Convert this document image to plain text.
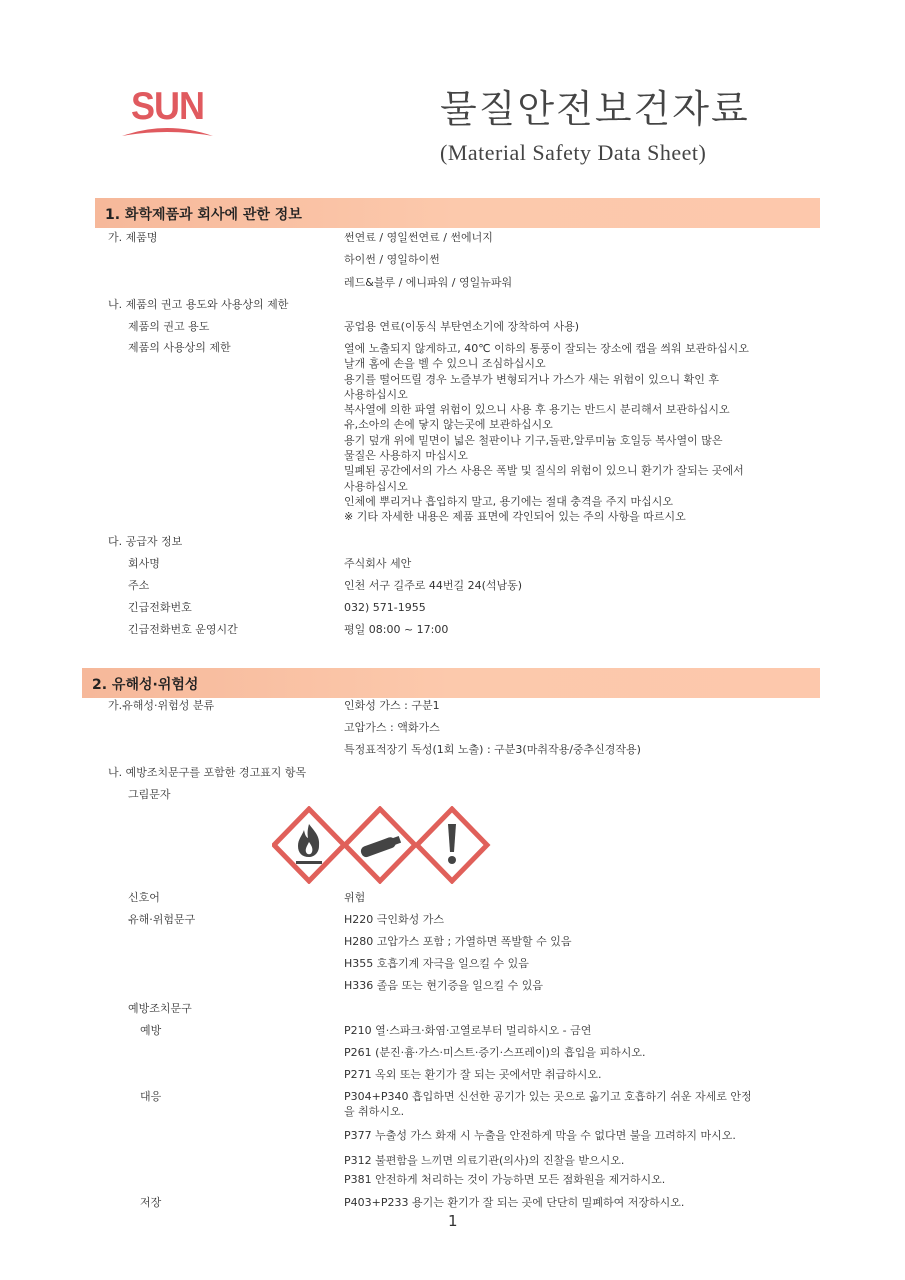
SUN	물질안전보건자료
(Material Safety Data Sheet)
1. 화학제품과 회사에 관한 정보
가. 제품명	썬연료 / 영일썬연료 / 썬에너지
하이썬 / 영일하이썬
레드&블루 / 에니파워 / 영일뉴파워
나. 제품의 권고 용도와 사용상의 제한
제품의 권고 용도	공업용 연료(이동식 부탄연소기에 장착하여 사용)
제품의 사용상의 제한	열에 노출되지 않게하고, 40℃ 이하의 통풍이 잘되는 장소에 캡을 씌워 보관하십시오
날개 홈에 손을 벨 수 있으니 조심하십시오
용기를 떨어뜨릴 경우 노즐부가 변형되거나 가스가 새는 위험이 있으니 확인 후
사용하십시오
복사열에 의한 파열 위험이 있으니 사용 후 용기는 반드시 분리해서 보관하십시오
유,소아의 손에 닿지 않는곳에 보관하십시오
용기 덮개 위에 밑면이 넓은 철판이나 기구,돌판,알루미늄 호일등 복사열이 많은
물질은 사용하지 마십시오
밀폐된 공간에서의 가스 사용은 폭발 및 질식의 위험이 있으니 환기가 잘되는 곳에서
사용하십시오
인체에 뿌리거나 흡입하지 말고, 용기에는 절대 충격을 주지 마십시오
※ 기타 자세한 내용은 제품 표면에 각인되어 있는 주의 사항을 따르시오
다. 공급자 정보
회사명	주식회사 세안
주소	인천 서구 길주로 44번길 24(석남동)
긴급전화번호	032) 571-1955
긴급전화번호 운영시간	평일 08:00 ~ 17:00
2. 유해성·위험성
가.유해성·위험성 분류	인화성 가스 : 구분1
고압가스 : 액화가스
특정표적장기 독성(1회 노출) : 구분3(마취작용/중추신경작용)
나. 예방조치문구를 포함한 경고표지 항목
그림문자
신호어	위험
유해·위험문구	H220 극인화성 가스
H280 고압가스 포함 ; 가열하면 폭발할 수 있음
H355 호흡기계 자극을 일으킬 수 있음
H336 졸음 또는 현기증을 일으킬 수 있음
예방조치문구
예방	P210 열·스파크·화염·고열로부터 멀리하시오 - 금연
P261 (분진·흄·가스·미스트·증기·스프레이)의 흡입을 피하시오.
P271 옥외 또는 환기가 잘 되는 곳에서만 취급하시오.
대응	P304+P340 흡입하면 신선한 공기가 있는 곳으로 옮기고 호흡하기 쉬운 자세로 안정
을 취하시오.
P377 누출성 가스 화재 시 누출을 안전하게 막을 수 없다면 불을 끄려하지 마시오.
P312 불편함을 느끼면 의료기관(의사)의 진찰을 받으시오.
P381 안전하게 처리하는 것이 가능하면 모든 점화원을 제거하시오.
저장	P403+P233 용기는 환기가 잘 되는 곳에 단단히 밀폐하여 저장하시오.
1
